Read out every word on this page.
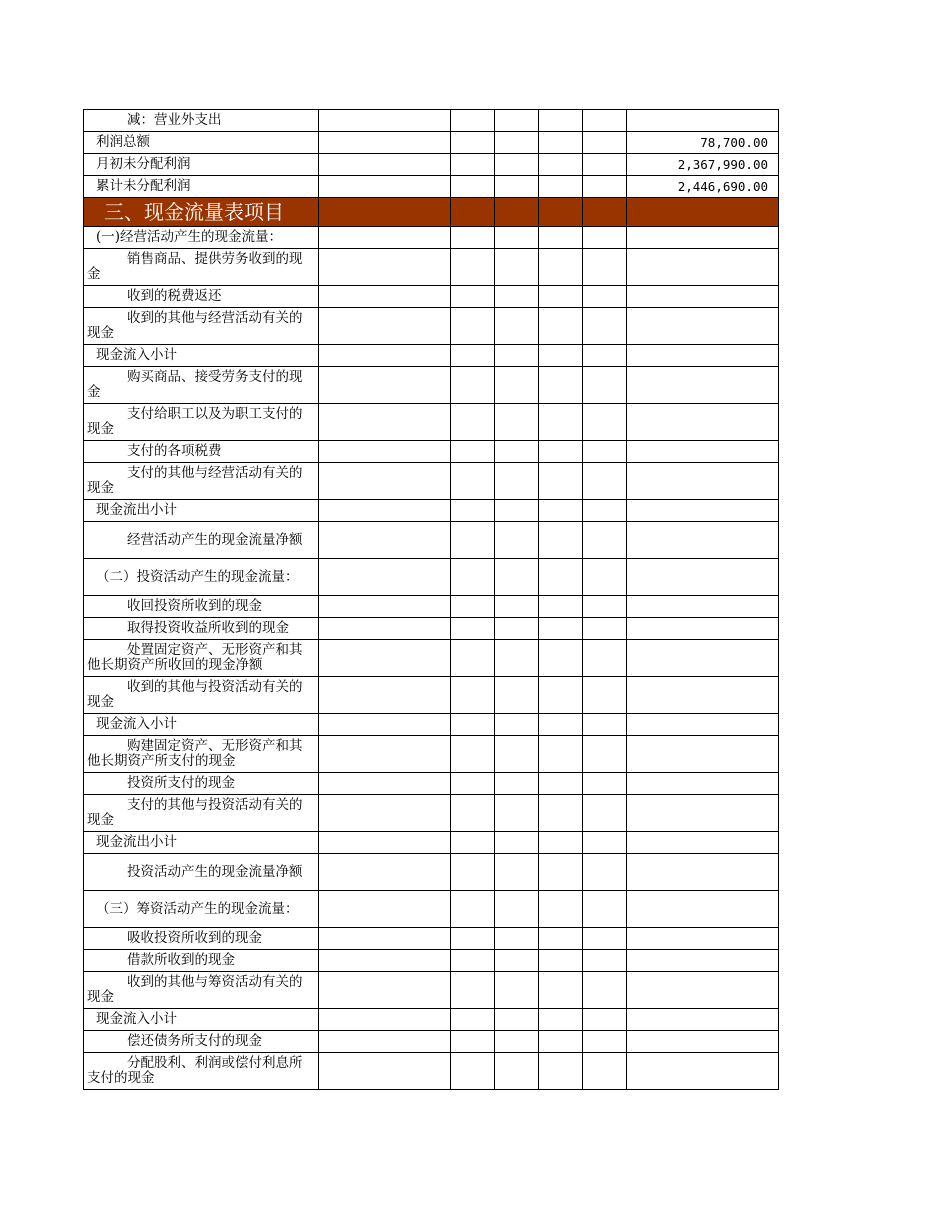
减：营业外支出						
利润总额						78,700.00
月初未分配利润						2,367,990.00
累计未分配利润						2,446,690.00
三、现金流量表项目						
(一)经营活动产生的现金流量：						
销售商品、提供劳务收到的现金						
收到的税费返还						
收到的其他与经营活动有关的现金						
现金流入小计						
购买商品、接受劳务支付的现金						
支付给职工以及为职工支付的现金						
支付的各项税费						
支付的其他与经营活动有关的现金						
现金流出小计						
经营活动产生的现金流量净额						
（二）投资活动产生的现金流量：						
收回投资所收到的现金						
取得投资收益所收到的现金						
处置固定资产、无形资产和其他长期资产所收回的现金净额						
收到的其他与投资活动有关的现金						
现金流入小计						
购建固定资产、无形资产和其他长期资产所支付的现金						
投资所支付的现金						
支付的其他与投资活动有关的现金						
现金流出小计						
投资活动产生的现金流量净额						
（三）筹资活动产生的现金流量：						
吸收投资所收到的现金						
借款所收到的现金						
收到的其他与筹资活动有关的现金						
现金流入小计						
偿还债务所支付的现金						
分配股利、利润或偿付利息所支付的现金						
